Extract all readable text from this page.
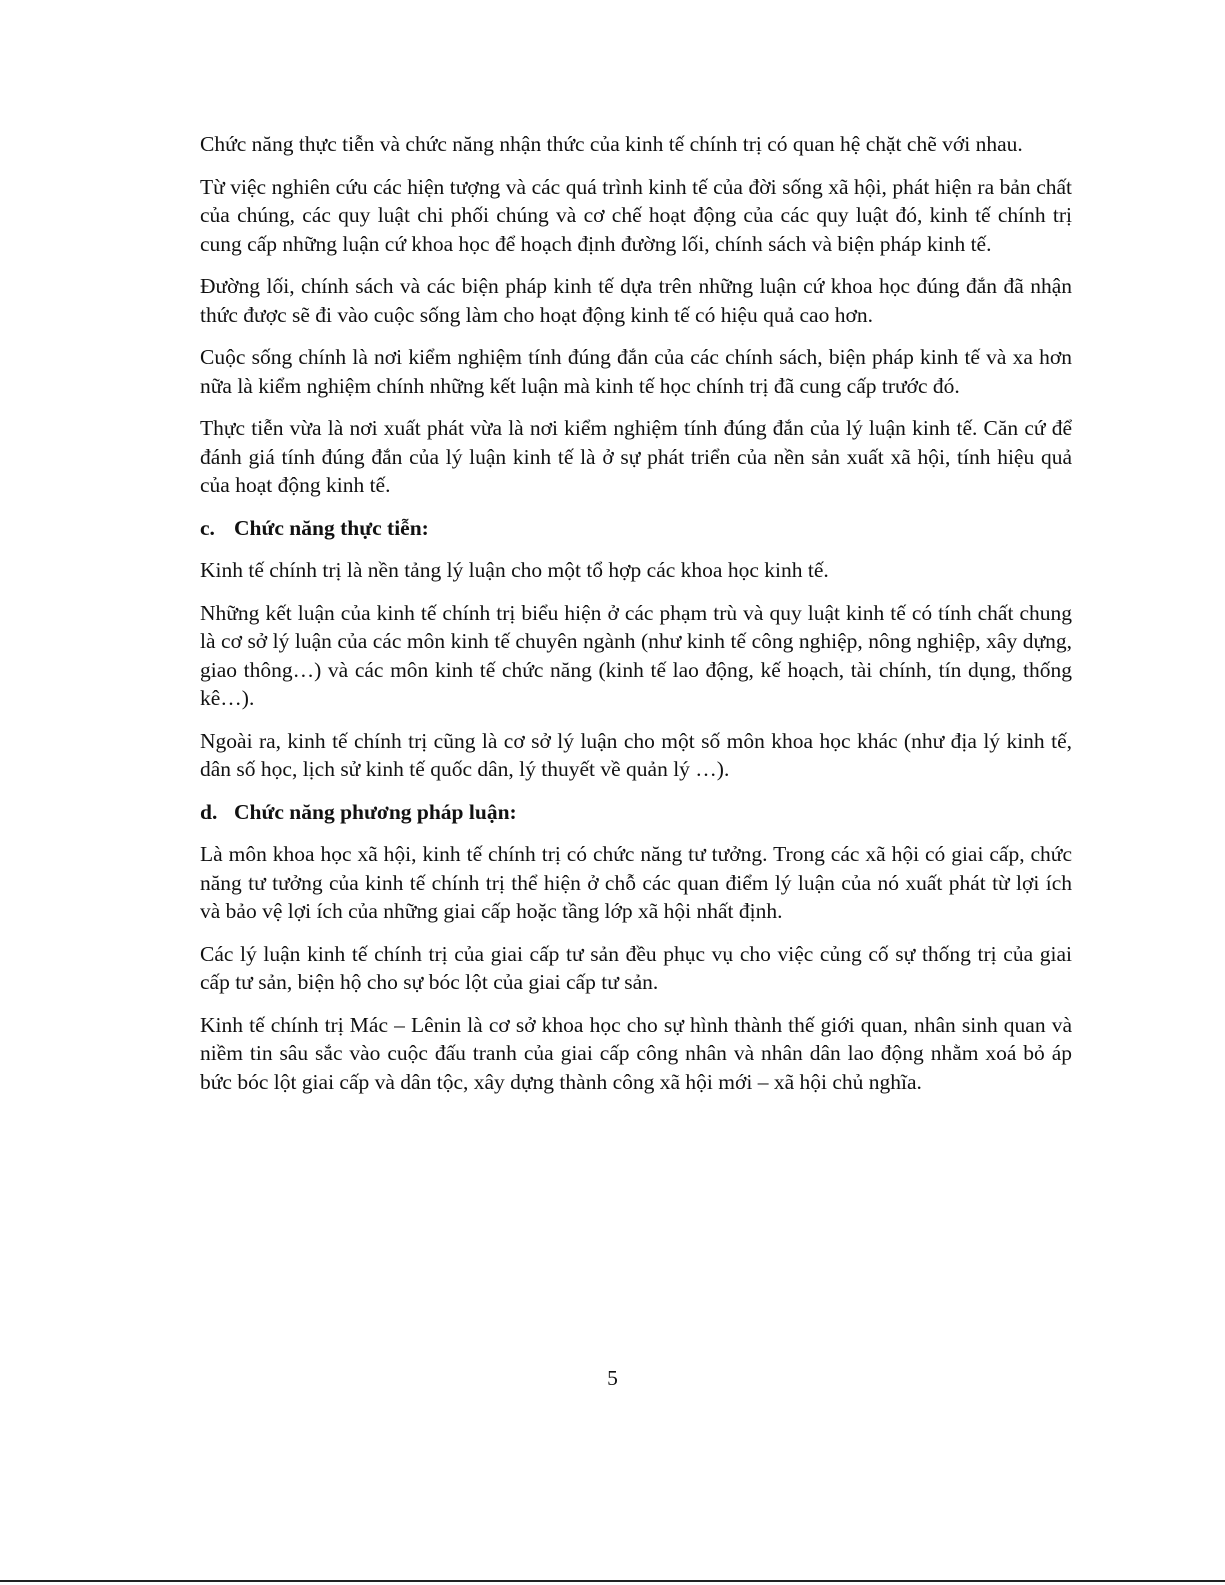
Chức năng thực tiễn và chức năng nhận thức của kinh tế chính trị có quan hệ chặt chẽ với nhau.

Từ việc nghiên cứu các hiện tượng và các quá trình kinh tế của đời sống xã hội, phát hiện ra bản chất của chúng, các quy luật chi phối chúng và cơ chế hoạt động của các quy luật đó, kinh tế chính trị cung cấp những luận cứ khoa học để hoạch định đường lối, chính sách và biện pháp kinh tế.

Đường lối, chính sách và các biện pháp kinh tế dựa trên những luận cứ khoa học đúng đắn đã nhận thức được sẽ đi vào cuộc sống làm cho hoạt động kinh tế có hiệu quả cao hơn.

Cuộc sống chính là nơi kiểm nghiệm tính đúng đắn của các chính sách, biện pháp kinh tế và xa hơn nữa là kiểm nghiệm chính những kết luận mà kinh tế học chính trị đã cung cấp trước đó.

Thực tiễn vừa là nơi xuất phát vừa là nơi kiểm nghiệm tính đúng đắn của lý luận kinh tế. Căn cứ để đánh giá tính đúng đắn của lý luận kinh tế là ở sự phát triển của nền sản xuất xã hội, tính hiệu quả của hoạt động kinh tế.

c. Chức năng thực tiễn:

Kinh tế chính trị là nền tảng lý luận cho một tổ hợp các khoa học kinh tế.

Những kết luận của kinh tế chính trị biểu hiện ở các phạm trù và quy luật kinh tế có tính chất chung là cơ sở lý luận của các môn kinh tế chuyên ngành (như kinh tế công nghiệp, nông nghiệp, xây dựng, giao thông…) và các môn kinh tế chức năng (kinh tế lao động, kế hoạch, tài chính, tín dụng, thống kê…).

Ngoài ra, kinh tế chính trị cũng là cơ sở lý luận cho một số môn khoa học khác (như địa lý kinh tế, dân số học, lịch sử kinh tế quốc dân, lý thuyết về quản lý …).

d. Chức năng phương pháp luận:

Là môn khoa học xã hội, kinh tế chính trị có chức năng tư tưởng. Trong các xã hội có giai cấp, chức năng tư tưởng của kinh tế chính trị thể hiện ở chỗ các quan điểm lý luận của nó xuất phát từ lợi ích và bảo vệ lợi ích của những giai cấp hoặc tầng lớp xã hội nhất định.

Các lý luận kinh tế chính trị của giai cấp tư sản đều phục vụ cho việc củng cố sự thống trị của giai cấp tư sản, biện hộ cho sự bóc lột của giai cấp tư sản.

Kinh tế chính trị Mác – Lênin là cơ sở khoa học cho sự hình thành thế giới quan, nhân sinh quan và niềm tin sâu sắc vào cuộc đấu tranh của giai cấp công nhân và nhân dân lao động nhằm xoá bỏ áp bức bóc lột giai cấp và dân tộc, xây dựng thành công xã hội mới – xã hội chủ nghĩa.

5
